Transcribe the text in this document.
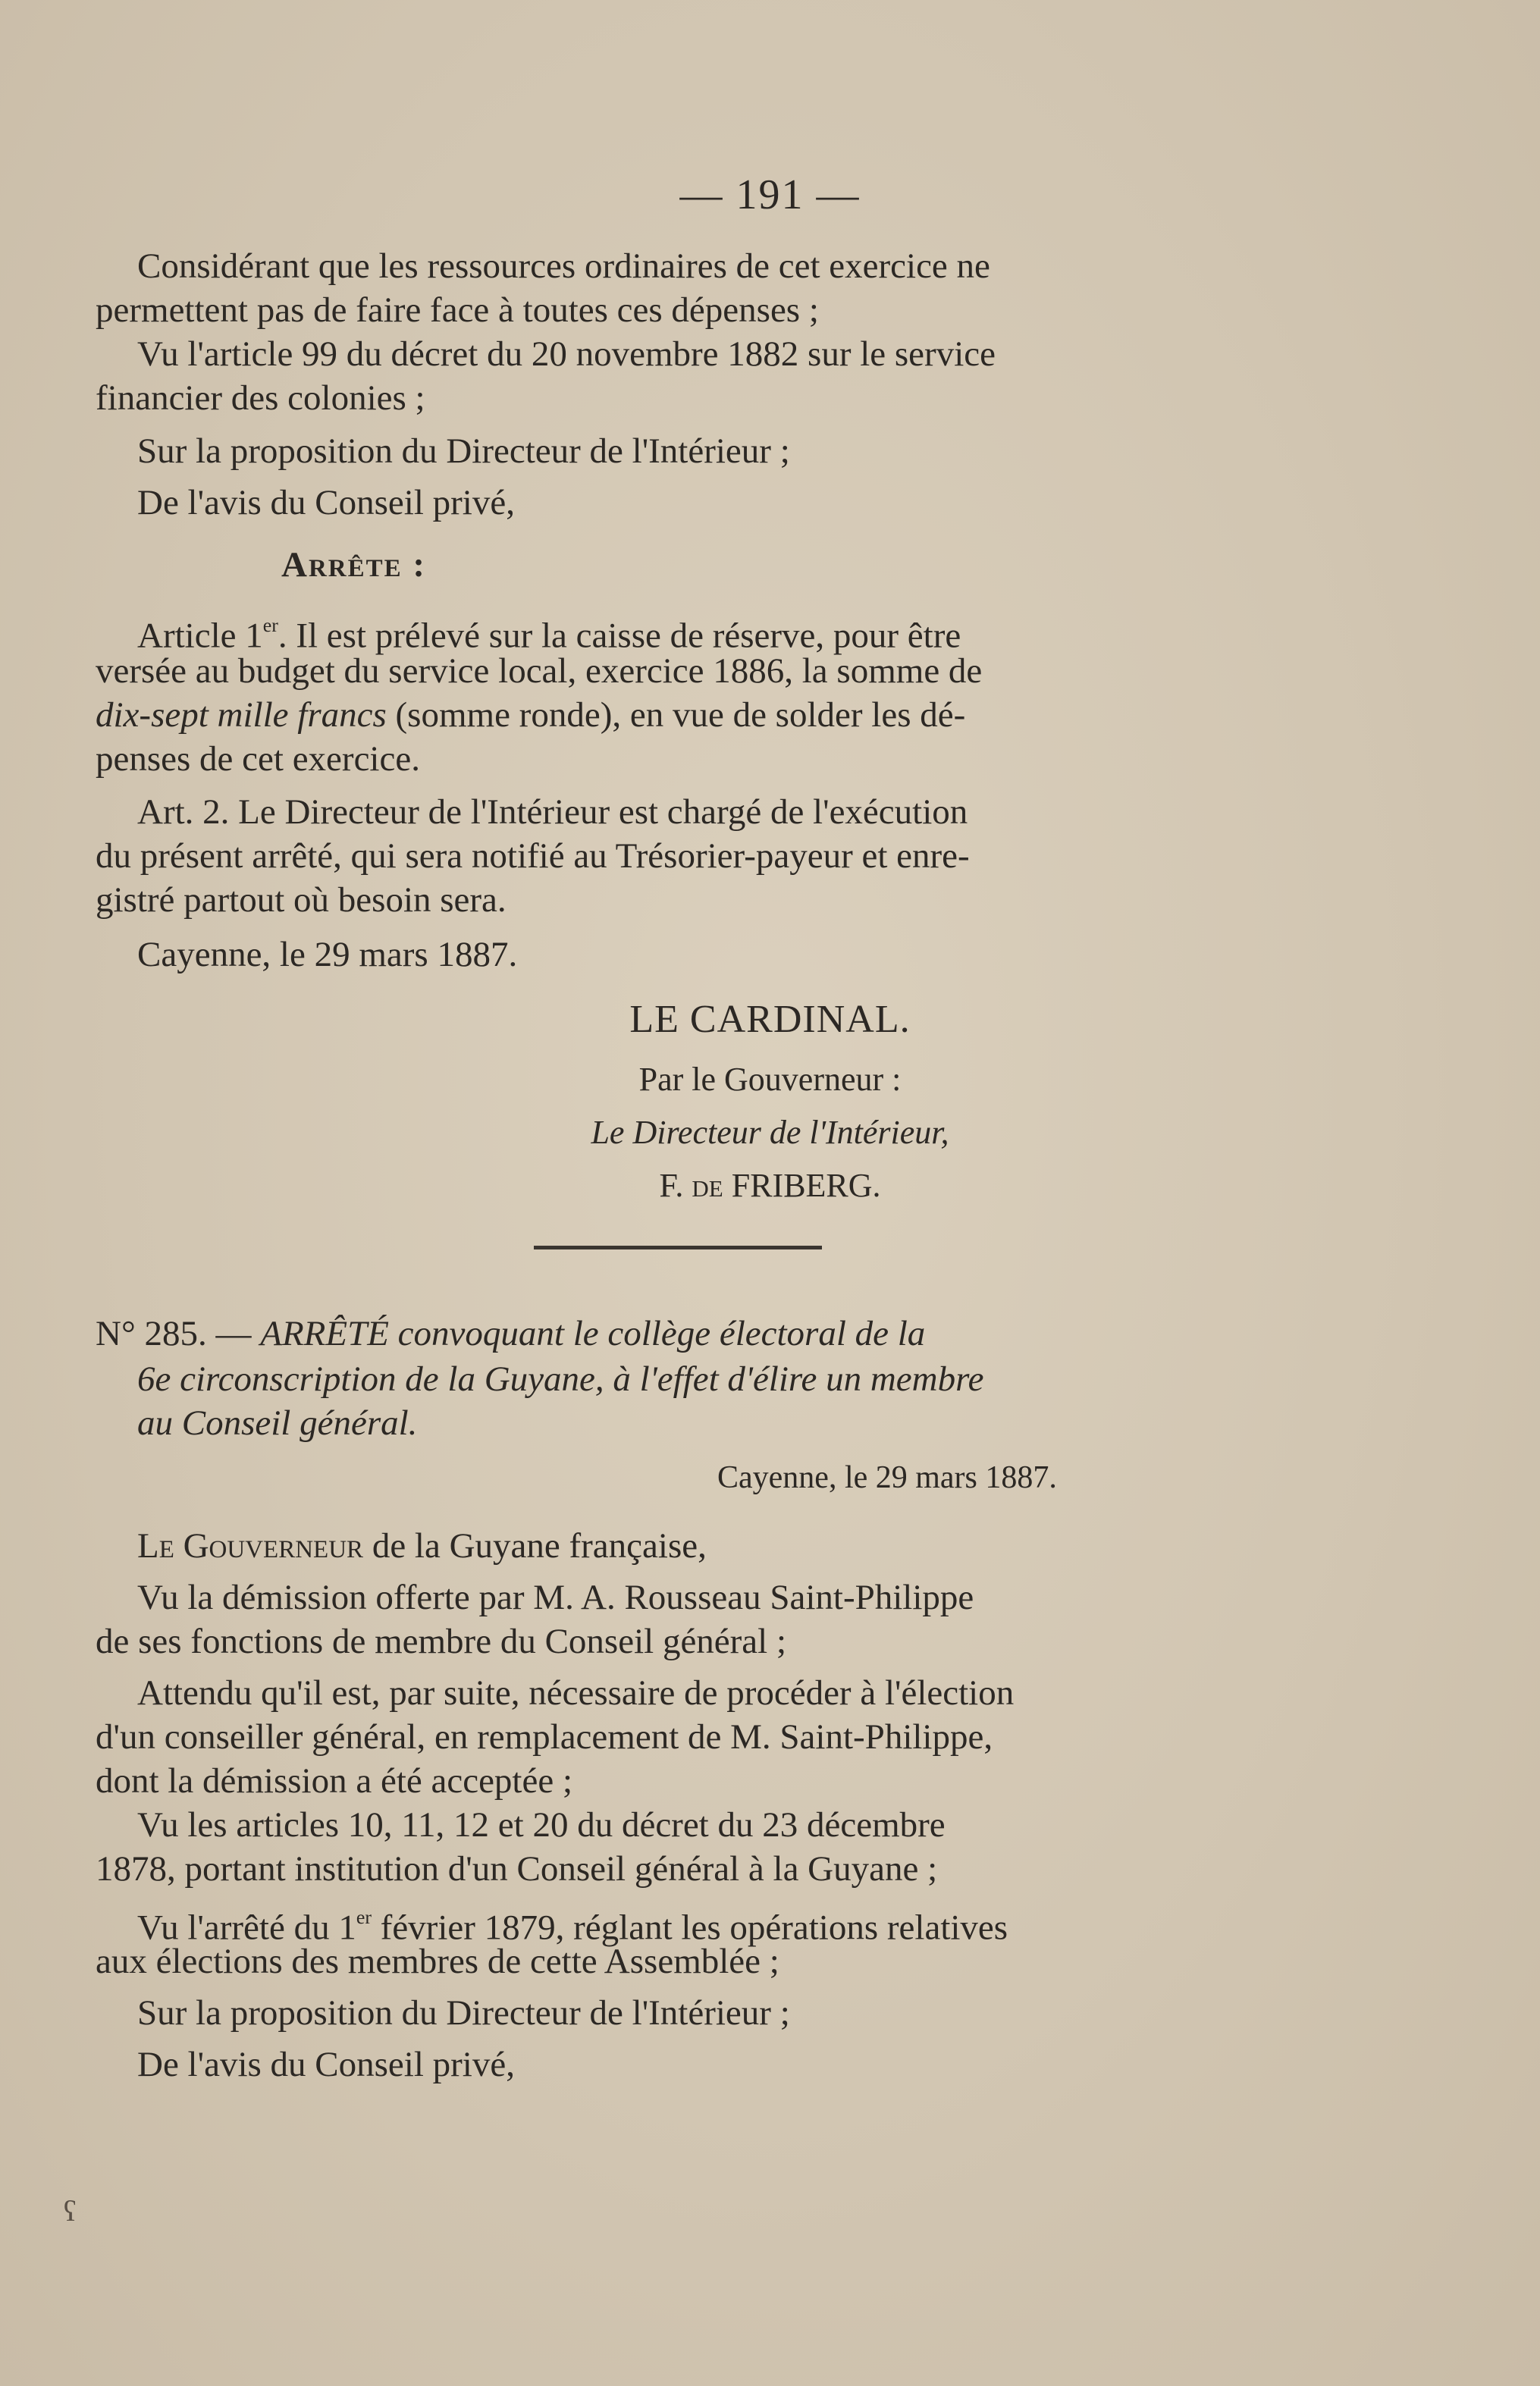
— 191 —
Considérant que les ressources ordinaires de cet exercice ne
permettent pas de faire face à toutes ces dépenses ;
Vu l'article 99 du décret du 20 novembre 1882 sur le service
financier des colonies ;
Sur la proposition du Directeur de l'Intérieur ;
De l'avis du Conseil privé,
Arrête :
Article 1er. Il est prélevé sur la caisse de réserve, pour être
versée au budget du service local, exercice 1886, la somme de
dix-sept mille francs (somme ronde), en vue de solder les dé-
penses de cet exercice.
Art. 2. Le Directeur de l'Intérieur est chargé de l'exécution
du présent arrêté, qui sera notifié au Trésorier-payeur et enre-
gistré partout où besoin sera.
Cayenne, le 29 mars 1887.
LE CARDINAL.
Par le Gouverneur :
Le Directeur de l'Intérieur,
F. de FRIBERG.
N° 285. — ARRÊTÉ convoquant le collège électoral de la
6e circonscription de la Guyane, à l'effet d'élire un membre
au Conseil général.
Cayenne, le 29 mars 1887.
Le Gouverneur de la Guyane française,
Vu la démission offerte par M. A. Rousseau Saint-Philippe
de ses fonctions de membre du Conseil général ;
Attendu qu'il est, par suite, nécessaire de procéder à l'élection
d'un conseiller général, en remplacement de M. Saint-Philippe,
dont la démission a été acceptée ;
Vu les articles 10, 11, 12 et 20 du décret du 23 décembre
1878, portant institution d'un Conseil général à la Guyane ;
Vu l'arrêté du 1er février 1879, réglant les opérations relatives
aux élections des membres de cette Assemblée ;
Sur la proposition du Directeur de l'Intérieur ;
De l'avis du Conseil privé,
ʕ
